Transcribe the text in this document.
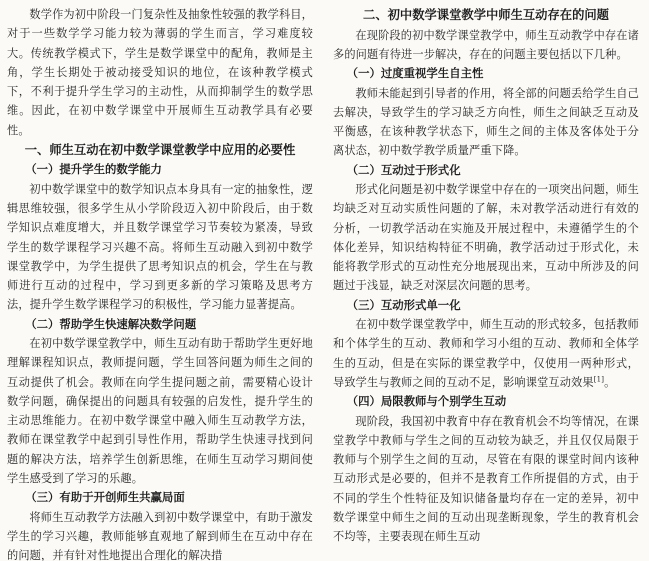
数学作为初中阶段一门复杂性及抽象性较强的教学科目，对于一些数学学习能力较为薄弱的学生而言，学习难度较大。传统教学模式下，学生是数学课堂中的配角，教师是主角，学生长期处于被动接受知识的地位，在该种教学模式下，不利于提升学生学习的主动性，从而抑制学生的数学思维。因此，在初中数学课堂中开展师生互动教学具有必要性。

一、师生互动在初中数学课堂教学中应用的必要性
（一）提升学生的数学能力

初中数学课堂中的数学知识点本身具有一定的抽象性，逻辑思维较强，很多学生从小学阶段迈入初中阶段后，由于数学知识点难度增大，并且数学课堂学习节奏较为紧凑，导致学生的数学课程学习兴趣不高。将师生互动融入到初中数学课堂教学中，为学生提供了思考知识点的机会，学生在与教师进行互动的过程中，学习到更多新的学习策略及思考方法，提升学生数学课程学习的积极性，学习能力显著提高。

（二）帮助学生快速解决数学问题

在初中数学课堂教学中，师生互动有助于帮助学生更好地理解课程知识点，教师提问题，学生回答问题为师生之间的互动提供了机会。教师在向学生提问题之前，需要精心设计数学问题，确保提出的问题具有较强的启发性，提升学生的主动思维能力。在初中数学课堂中融入师生互动教学方法，教师在课堂教学中起到引导性作用，帮助学生快速寻找到问题的解决方法，培养学生创新思维，在师生互动学习期间使学生感受到了学习的乐趣。

（三）有助于开创师生共赢局面

将师生互动教学方法融入到初中数学课堂中，有助于激发学生的学习兴趣，教师能够直观地了解到师生在互动中存在的问题，并有针对性地提出合理化的解决措

二、初中数学课堂教学中师生互动存在的问题

在现阶段的初中数学课堂教学中，师生互动教学中存在诸多的问题有待进一步解决，存在的问题主要包括以下几种。

（一）过度重视学生自主性

教师未能起到引导者的作用，将全部的问题丢给学生自己去解决，导致学生的学习缺乏方向性，师生之间缺乏互动及平衡感，在该种教学状态下，师生之间的主体及客体处于分离状态，初中数学教学质量严重下降。

（二）互动过于形式化

形式化问题是初中数学课堂中存在的一项突出问题，师生均缺乏对互动实质性问题的了解，未对教学活动进行有效的分析，一切教学活动在实施及开展过程中，未遵循学生的个体化差异，知识结构特征不明确，教学活动过于形式化，未能将教学形式的互动性充分地展现出来，互动中所涉及的问题过于浅显，缺乏对深层次问题的思考。

（三）互动形式单一化

在初中数学课堂教学中，师生互动的形式较多，包括教师和个体学生的互动、教师和学习小组的互动、教师和全体学生的互动，但是在实际的课堂教学中，仅使用一两种形式，导致学生与教师之间的互动不足，影响课堂互动效果[1]。

（四）局限教师与个别学生互动

现阶段，我国初中教育中存在教育机会不均等情况，在课堂教学中教师与学生之间的互动较为缺乏，并且仅仅局限于教师与个别学生之间的互动，尽管在有限的课堂时间内该种互动形式是必要的，但并不是教育工作所提倡的方式，由于不同的学生个性特征及知识储备量均存在一定的差异，初中数学课堂中师生之间的互动出现垄断现象，学生的教育机会不均等，主要表现在师生互动
